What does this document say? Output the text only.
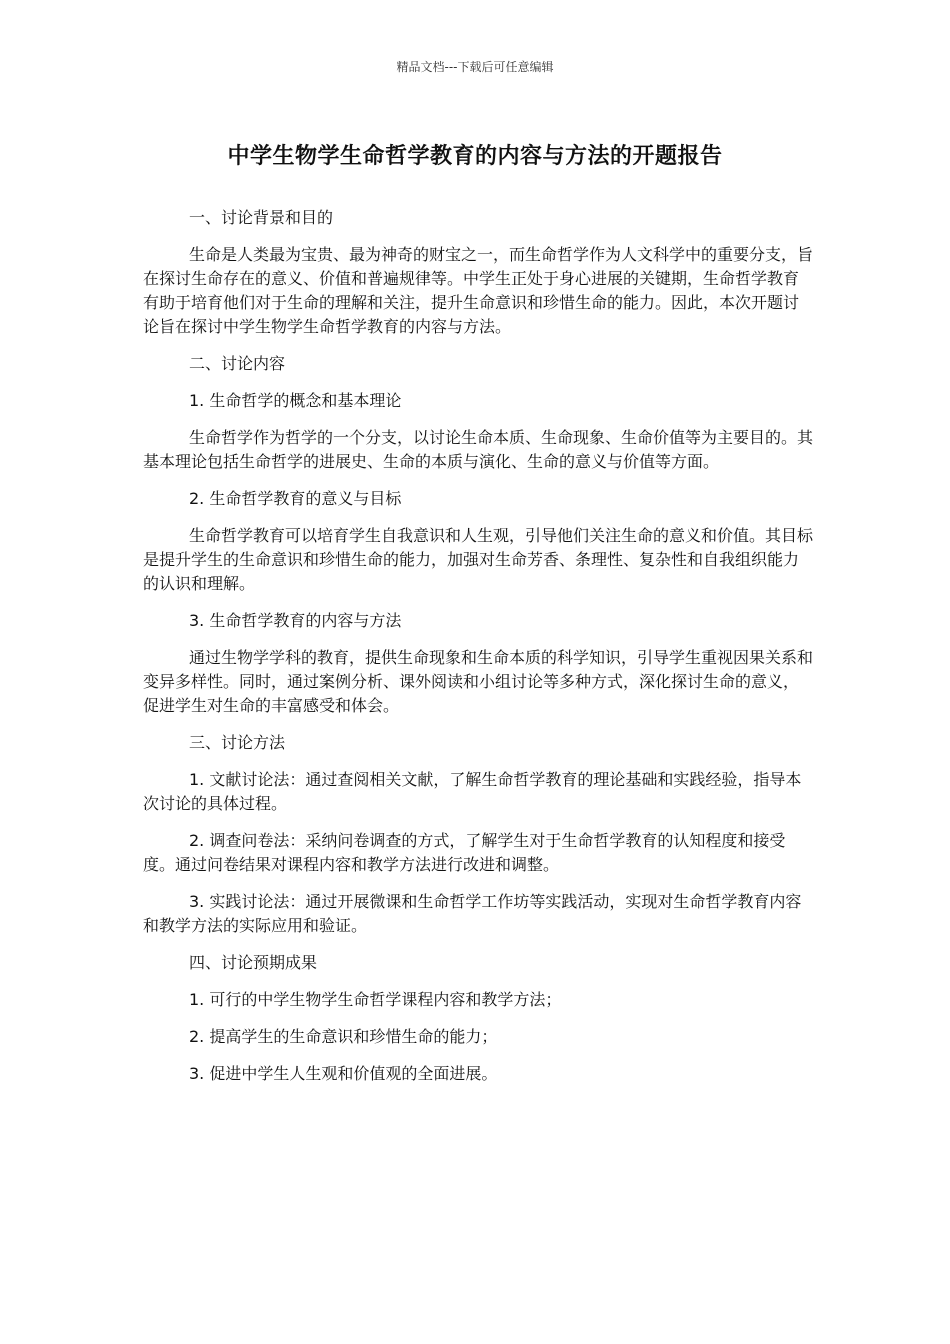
精品文档---下载后可任意编辑
中学生物学生命哲学教育的内容与方法的开题报告

一、讨论背景和目的

生命是人类最为宝贵、最为神奇的财宝之一，而生命哲学作为人文科学中的重要分支，旨在探讨生命存在的意义、价值和普遍规律等。中学生正处于身心进展的关键期，生命哲学教育有助于培育他们对于生命的理解和关注，提升生命意识和珍惜生命的能力。因此，本次开题讨论旨在探讨中学生物学生命哲学教育的内容与方法。

二、讨论内容

1. 生命哲学的概念和基本理论

生命哲学作为哲学的一个分支，以讨论生命本质、生命现象、生命价值等为主要目的。其基本理论包括生命哲学的进展史、生命的本质与演化、生命的意义与价值等方面。

2. 生命哲学教育的意义与目标

生命哲学教育可以培育学生自我意识和人生观，引导他们关注生命的意义和价值。其目标是提升学生的生命意识和珍惜生命的能力，加强对生命芳香、条理性、复杂性和自我组织能力的认识和理解。

3. 生命哲学教育的内容与方法

通过生物学学科的教育，提供生命现象和生命本质的科学知识，引导学生重视因果关系和变异多样性。同时，通过案例分析、课外阅读和小组讨论等多种方式，深化探讨生命的意义，促进学生对生命的丰富感受和体会。

三、讨论方法

1. 文献讨论法：通过查阅相关文献，了解生命哲学教育的理论基础和实践经验，指导本次讨论的具体过程。

2. 调查问卷法：采纳问卷调查的方式，了解学生对于生命哲学教育的认知程度和接受度。通过问卷结果对课程内容和教学方法进行改进和调整。

3. 实践讨论法：通过开展微课和生命哲学工作坊等实践活动，实现对生命哲学教育内容和教学方法的实际应用和验证。

四、讨论预期成果

1. 可行的中学生物学生命哲学课程内容和教学方法；

2. 提高学生的生命意识和珍惜生命的能力；

3. 促进中学生人生观和价值观的全面进展。
